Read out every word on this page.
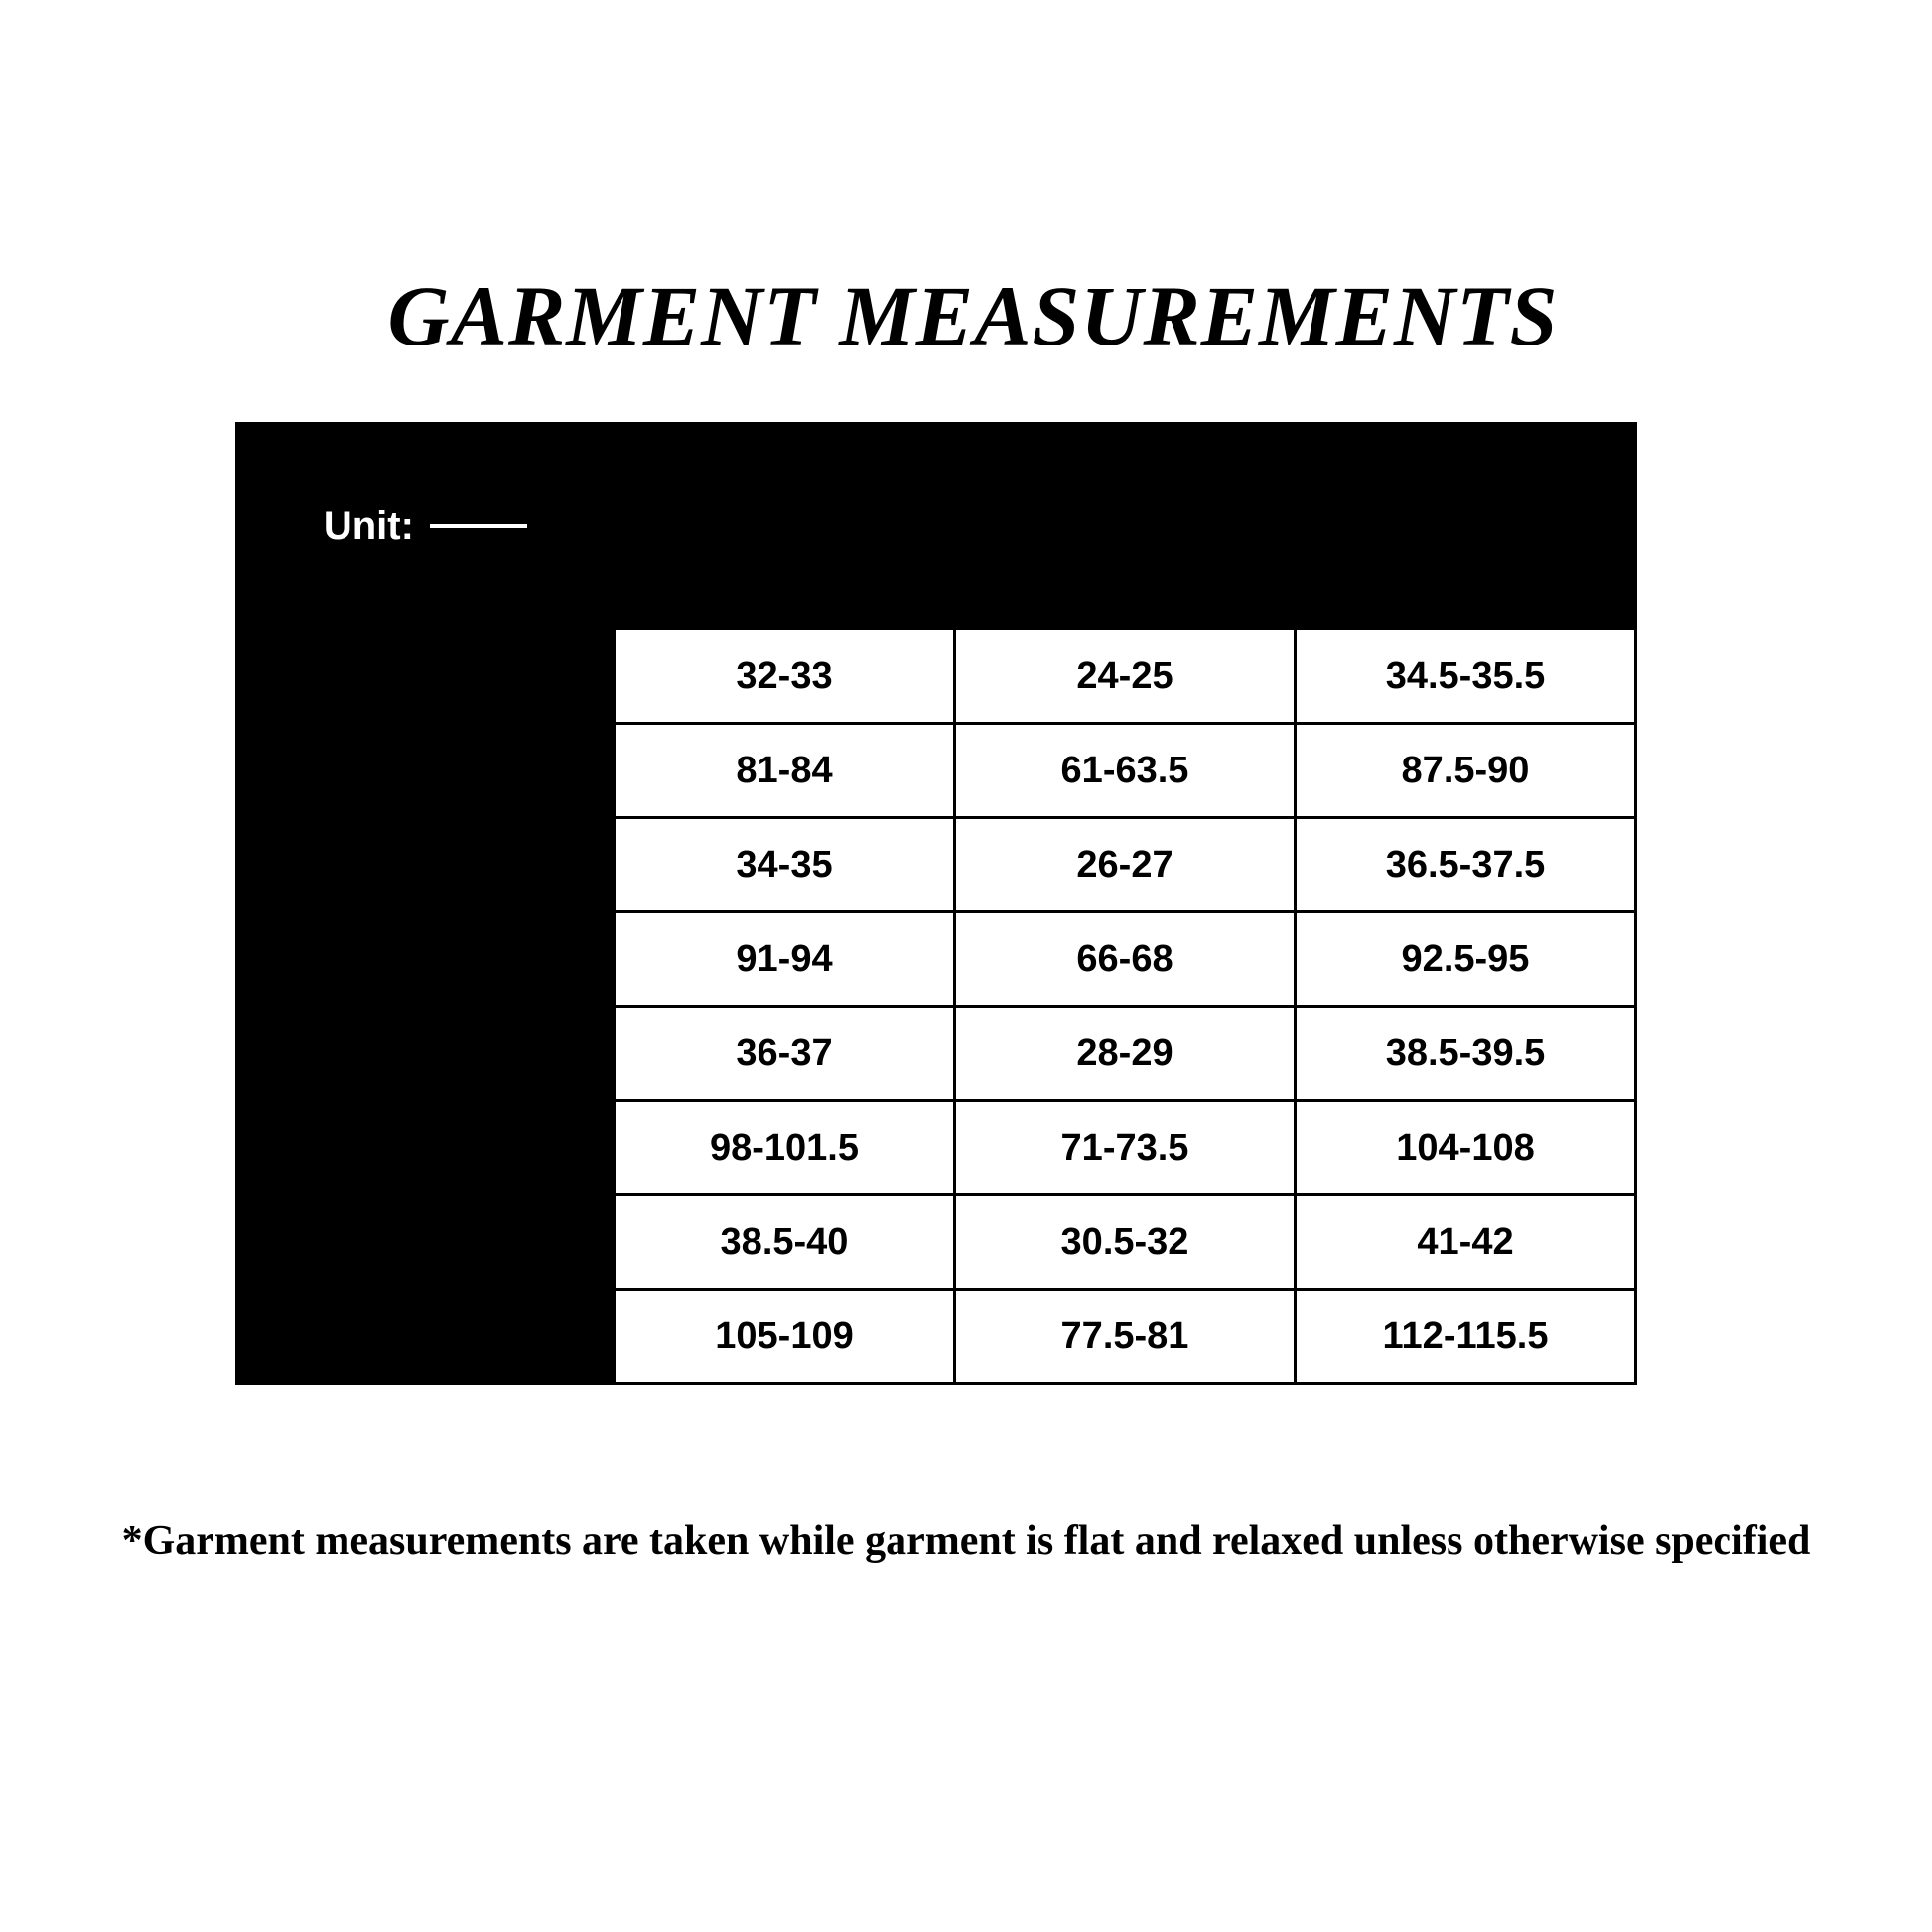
GARMENT MEASUREMENTS
Unit: $\frac{\text{Inch}}{CM}$		Bust	Waist	Hip
S	Inch	32-33	24-25	34.5-35.5
	CM	81-84	61-63.5	87.5-90
M	Inch	34-35	26-27	36.5-37.5
	CM	91-94	66-68	92.5-95
L	Inch	36-37	28-29	38.5-39.5
	CM	98-101.5	71-73.5	104-108
XL	Inch	38.5-40	30.5-32	41-42
	CM	105-109	77.5-81	112-115.5
*Garment measurements are taken while garment is flat and relaxed unless otherwise specified
